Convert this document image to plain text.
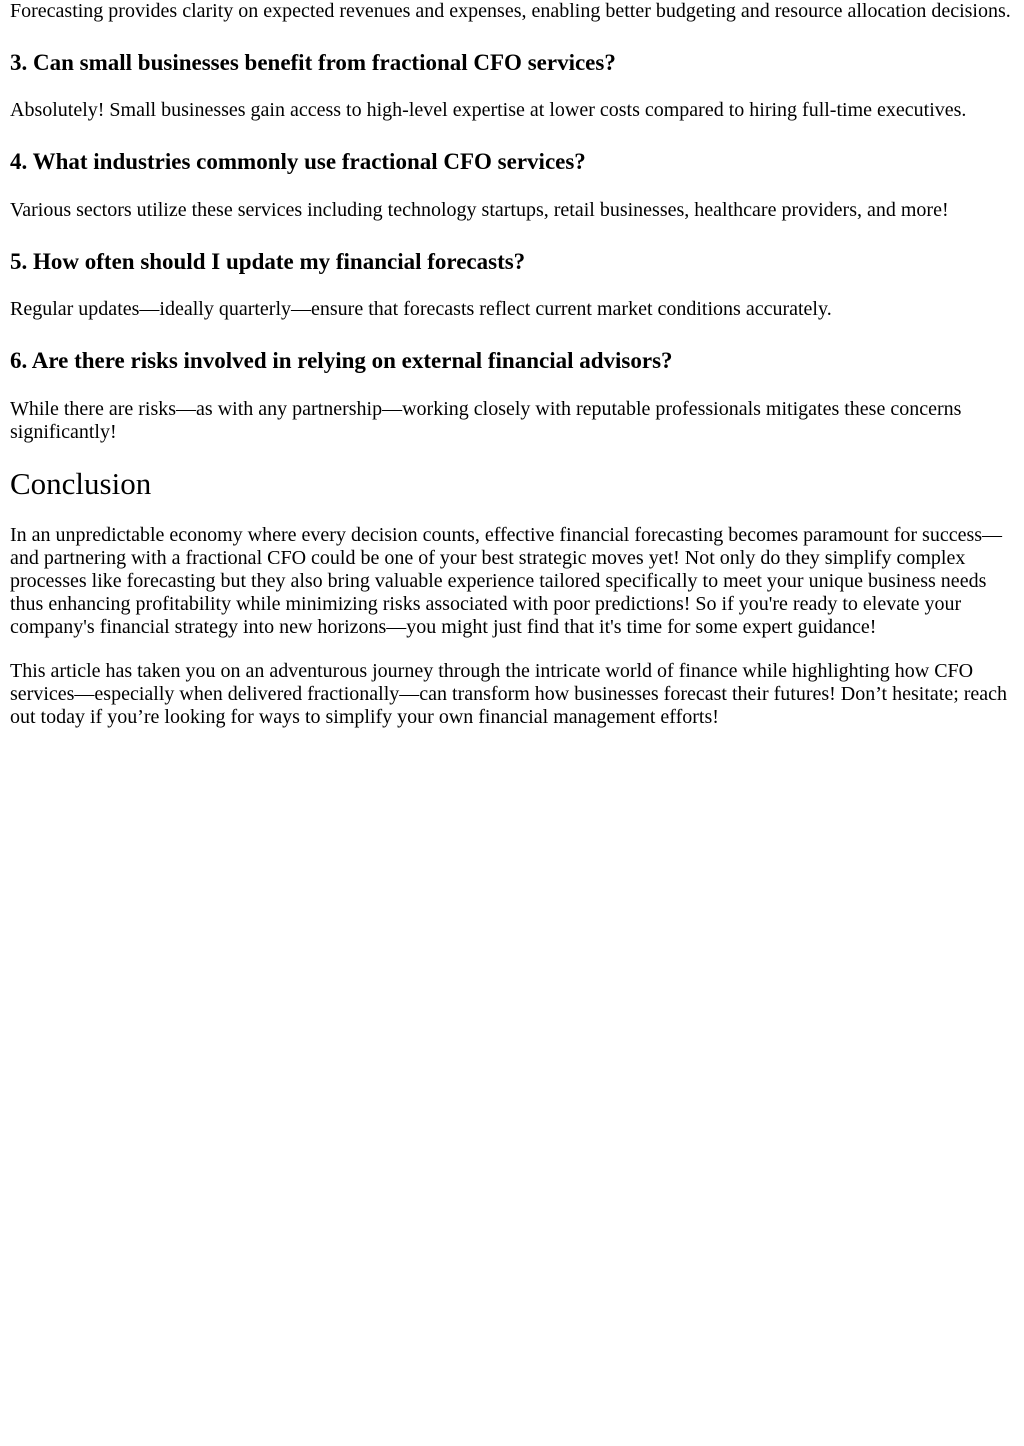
Forecasting provides clarity on expected revenues and expenses, enabling better budgeting and resource allocation decisions.

3. Can small businesses benefit from fractional CFO services?

Absolutely! Small businesses gain access to high-level expertise at lower costs compared to hiring full-time executives.

4. What industries commonly use fractional CFO services?

Various sectors utilize these services including technology startups, retail businesses, healthcare providers, and more!

5. How often should I update my financial forecasts?

Regular updates—ideally quarterly—ensure that forecasts reflect current market conditions accurately.

6. Are there risks involved in relying on external financial advisors?

While there are risks—as with any partnership—working closely with reputable professionals mitigates these concerns significantly!

Conclusion

In an unpredictable economy where every decision counts, effective financial forecasting becomes paramount for success—and partnering with a fractional CFO could be one of your best strategic moves yet! Not only do they simplify complex processes like forecasting but they also bring valuable experience tailored specifically to meet your unique business needs thus enhancing profitability while minimizing risks associated with poor predictions! So if you're ready to elevate your company's financial strategy into new horizons—you might just find that it's time for some expert guidance!

This article has taken you on an adventurous journey through the intricate world of finance while highlighting how CFO services—especially when delivered fractionally—can transform how businesses forecast their futures! Don’t hesitate; reach out today if you’re looking for ways to simplify your own financial management efforts!
